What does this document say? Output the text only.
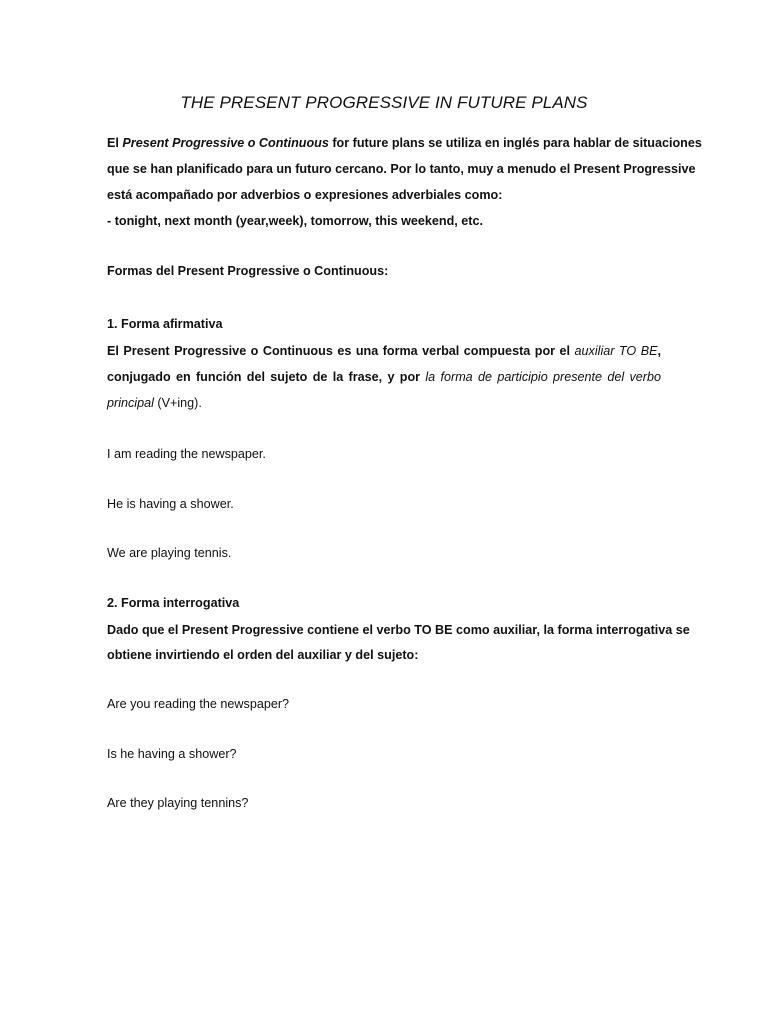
THE PRESENT PROGRESSIVE IN FUTURE PLANS

El Present Progressive o Continuous for future plans se utiliza en inglés para hablar de situaciones

que se han planificado para un futuro cercano. Por lo tanto, muy a menudo el Present Progressive

está acompañado por adverbios o expresiones adverbiales como:

- tonight, next month (year,week), tomorrow, this weekend, etc.

Formas del Present Progressive o Continuous:

1. Forma afirmativa

El Present Progressive o Continuous es una forma verbal compuesta por el auxiliar TO BE,

conjugado en función del sujeto de la frase, y por la forma de participio presente del verbo

principal (V+ing).

I am reading the newspaper.

He is having a shower.

We are playing tennis.

2. Forma interrogativa

Dado que el Present Progressive contiene el verbo TO BE como auxiliar, la forma interrogativa se

obtiene invirtiendo el orden del auxiliar y del sujeto:

Are you reading the newspaper?

Is he having a shower?

Are they playing tennins?
